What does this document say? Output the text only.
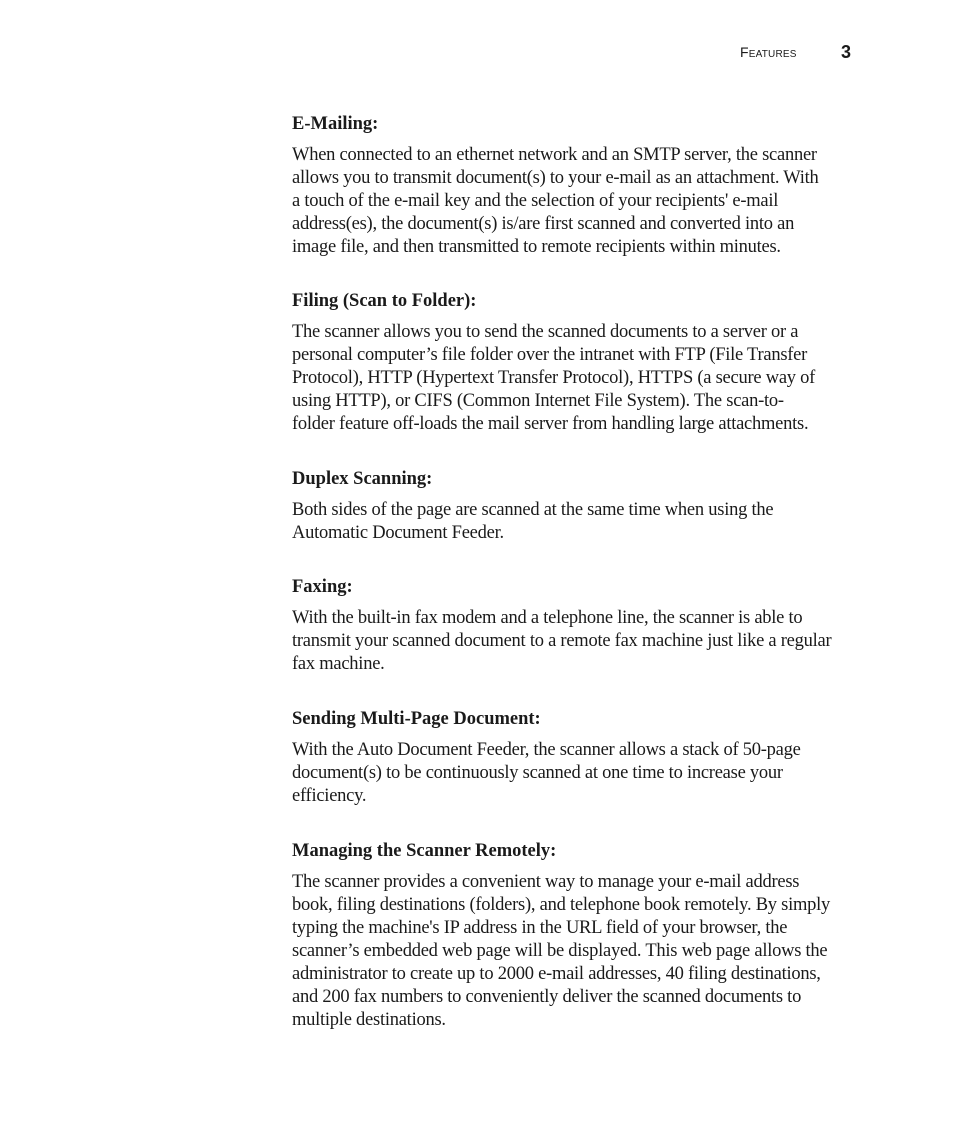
Features 3
E-Mailing:

When connected to an ethernet network and an SMTP server, the scanner
allows you to transmit document(s) to your e-mail as an attachment. With
a touch of the e-mail key and the selection of your recipients' e-mail
address(es), the document(s) is/are first scanned and converted into an
image file, and then transmitted to remote recipients within minutes.

Filing (Scan to Folder):

The scanner allows you to send the scanned documents to a server or a
personal computer’s file folder over the intranet with FTP (File Transfer
Protocol), HTTP (Hypertext Transfer Protocol), HTTPS (a secure way of
using HTTP), or CIFS (Common Internet File System). The scan-to-
folder feature off-loads the mail server from handling large attachments.

Duplex Scanning:

Both sides of the page are scanned at the same time when using the
Automatic Document Feeder.

Faxing:

With the built-in fax modem and a telephone line, the scanner is able to
transmit your scanned document to a remote fax machine just like a regular
fax machine.

Sending Multi-Page Document:

With the Auto Document Feeder, the scanner allows a stack of 50-page
document(s) to be continuously scanned at one time to increase your
efficiency.

Managing the Scanner Remotely:

The scanner provides a convenient way to manage your e-mail address
book, filing destinations (folders), and telephone book remotely. By simply
typing the machine's IP address in the URL field of your browser, the
scanner’s embedded web page will be displayed. This web page allows the
administrator to create up to 2000 e-mail addresses, 40 filing destinations,
and 200 fax numbers to conveniently deliver the scanned documents to
multiple destinations.
